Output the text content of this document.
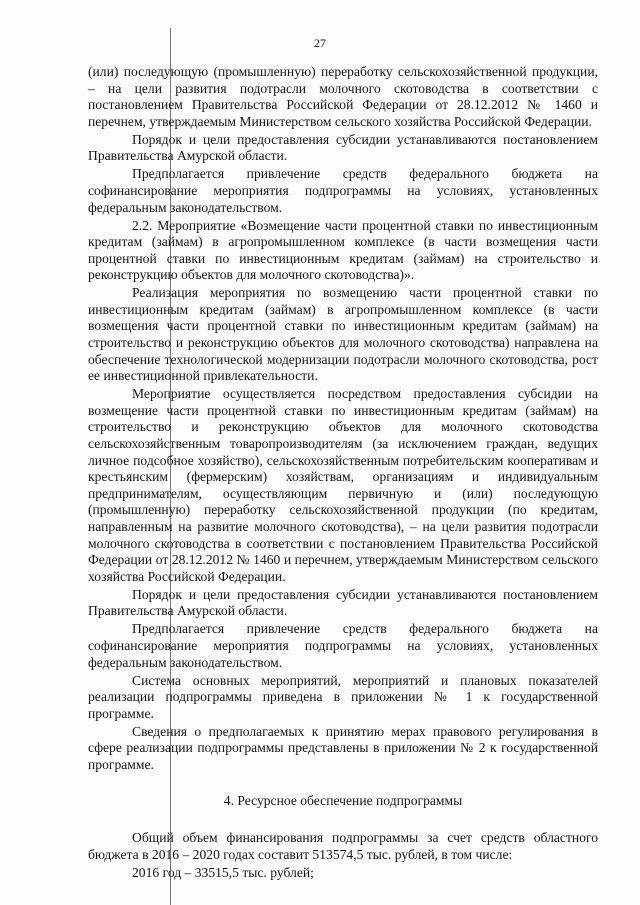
27

(или) последующую (промышленную) переработку сельскохозяйственной продукции, – на цели развития подотрасли молочного скотоводства в соответствии с постановлением Правительства Российской Федерации от 28.12.2012 № 1460 и перечнем, утверждаемым Министерством сельского хозяйства Российской Федерации.

Порядок и цели предоставления субсидии устанавливаются постановлением Правительства Амурской области.

Предполагается привлечение средств федерального бюджета на софинансирование мероприятия подпрограммы на условиях, установленных федеральным законодательством.

2.2. Мероприятие «Возмещение части процентной ставки по инвестиционным кредитам (займам) в агропромышленном комплексе (в части возмещения части процентной ставки по инвестиционным кредитам (займам) на строительство и реконструкцию объектов для молочного скотоводства)».

Реализация мероприятия по возмещению части процентной ставки по инвестиционным кредитам (займам) в агропромышленном комплексе (в части возмещения части процентной ставки по инвестиционным кредитам (займам) на строительство и реконструкцию объектов для молочного скотоводства) направлена на обеспечение технологической модернизации подотрасли молочного скотоводства, рост ее инвестиционной привлекательности.

Мероприятие осуществляется посредством предоставления субсидии на возмещение части процентной ставки по инвестиционным кредитам (займам) на строительство и реконструкцию объектов для молочного скотоводства сельскохозяйственным товаропроизводителям (за исключением граждан, ведущих личное подсобное хозяйство), сельскохозяйственным потребительским кооперативам и крестьянским (фермерским) хозяйствам, организациям и индивидуальным предпринимателям, осуществляющим первичную и (или) последующую (промышленную) переработку сельскохозяйственной продукции (по кредитам, направленным на развитие молочного скотоводства), – на цели развития подотрасли молочного скотоводства в соответствии с постановлением Правительства Российской Федерации от 28.12.2012 № 1460 и перечнем, утверждаемым Министерством сельского хозяйства Российской Федерации.

Порядок и цели предоставления субсидии устанавливаются постановлением Правительства Амурской области.

Предполагается привлечение средств федерального бюджета на софинансирование мероприятия подпрограммы на условиях, установленных федеральным законодательством.

Система основных мероприятий, мероприятий и плановых показателей реализации подпрограммы приведена в приложении № 1 к государственной программе.

Сведения о предполагаемых к принятию мерах правового регулирования в сфере реализации подпрограммы представлены в приложении № 2 к государственной программе.

4. Ресурсное обеспечение подпрограммы

Общий объем финансирования подпрограммы за счет средств областного бюджета в 2016 – 2020 годах составит 513574,5 тыс. рублей, в том числе:

2016 год – 33515,5 тыс. рублей;
